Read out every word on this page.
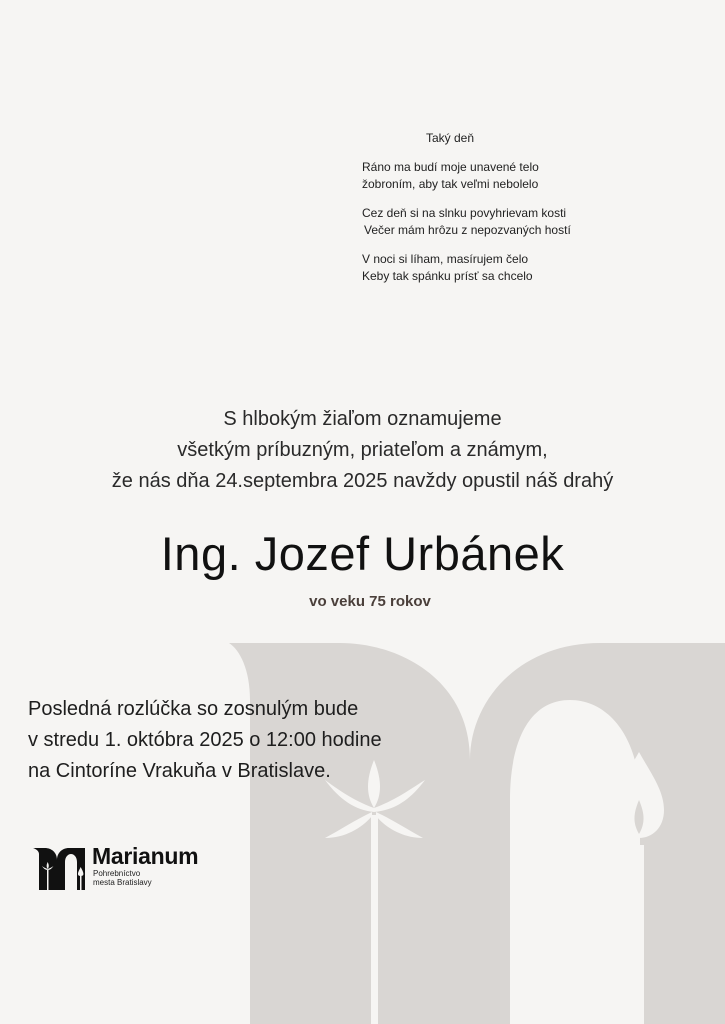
Taký deň
Ráno ma budí moje unavené telo
žobroním, aby tak veľmi nebolelo
Cez deň si na slnku povyhrievam kosti
Večer mám hrôzu z nepozvaných hostí
V noci si líham, masírujem čelo
Keby tak spánku prísť sa chcelo
S hlbokým žiaľom oznamujeme
všetkým príbuzným, priateľom a známym,
že nás dňa 24.septembra 2025 navždy opustil náš drahý
Ing. Jozef Urbánek
vo veku 75 rokov
Posledná rozlúčka so zosnulým bude
v stredu 1. októbra 2025 o 12:00 hodine
na Cintoríne Vrakuňa v Bratislave.
Marianum
Pohrebníctvo
mesta Bratislavy
